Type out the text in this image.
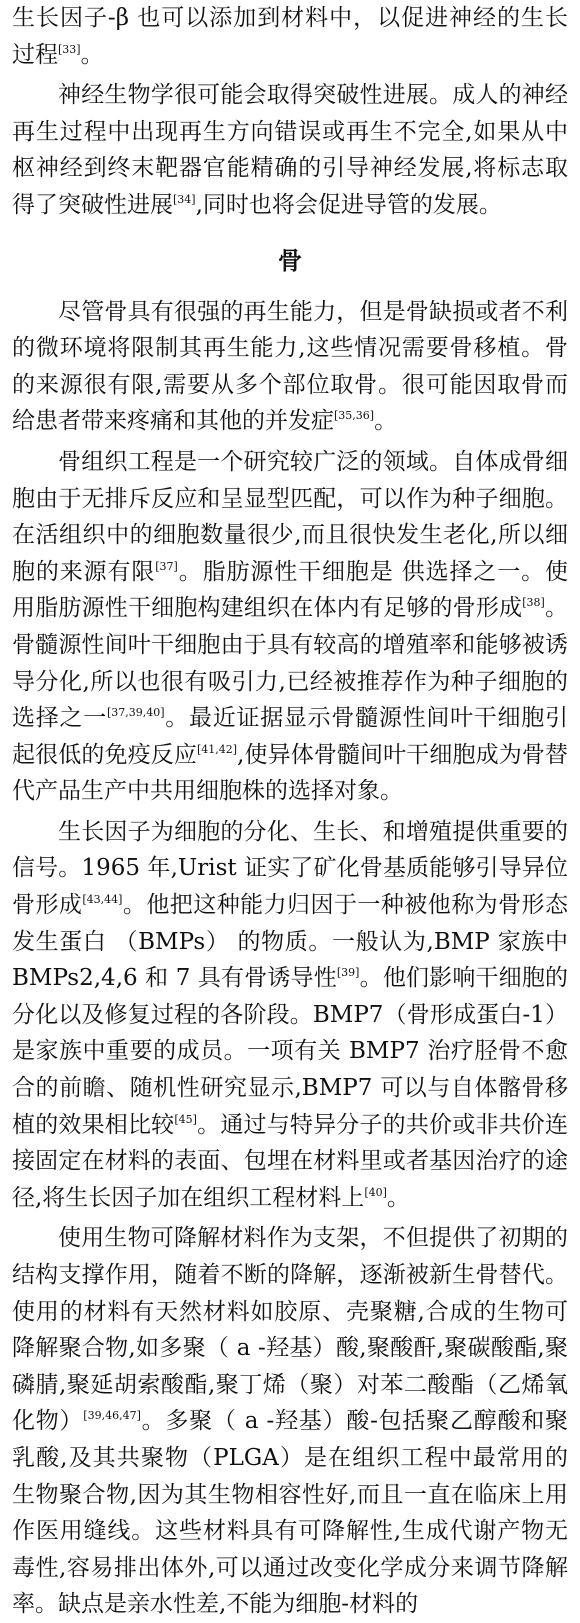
生长因子-β 也可以添加到材料中，以促进神经的生长过程[33]。

神经生物学很可能会取得突破性进展。成人的神经再生过程中出现再生方向错误或再生不完全,如果从中枢神经到终末靶器官能精确的引导神经发展,将标志取得了突破性进展[34],同时也将会促进导管的发展。

骨

尽管骨具有很强的再生能力，但是骨缺损或者不利的微环境将限制其再生能力,这些情况需要骨移植。骨的来源很有限,需要从多个部位取骨。很可能因取骨而给患者带来疼痛和其他的并发症[35,36]。

骨组织工程是一个研究较广泛的领域。自体成骨细胞由于无排斥反应和呈显型匹配，可以作为种子细胞。在活组织中的细胞数量很少,而且很快发生老化,所以细胞的来源有限[37]。脂肪源性干细胞是 供选择之一。使用脂肪源性干细胞构建组织在体内有足够的骨形成[38]。骨髓源性间叶干细胞由于具有较高的增殖率和能够被诱导分化,所以也很有吸引力,已经被推荐作为种子细胞的选择之一[37,39,40]。最近证据显示骨髓源性间叶干细胞引起很低的免疫反应[41,42],使异体骨髓间叶干细胞成为骨替代产品生产中共用细胞株的选择对象。

生长因子为细胞的分化、生长、和增殖提供重要的信号。1965 年,Urist 证实了矿化骨基质能够引导异位骨形成[43,44]。他把这种能力归因于一种被他称为骨形态发生蛋白 （BMPs） 的物质。一般认为,BMP 家族中 BMPs2,4,6 和 7 具有骨诱导性[39]。他们影响干细胞的分化以及修复过程的各阶段。BMP7（骨形成蛋白-1）是家族中重要的成员。一项有关 BMP7 治疗胫骨不愈合的前瞻、随机性研究显示,BMP7 可以与自体髂骨移植的效果相比较[45]。通过与特异分子的共价或非共价连接固定在材料的表面、包埋在材料里或者基因治疗的途径,将生长因子加在组织工程材料上[40]。

使用生物可降解材料作为支架，不但提供了初期的结构支撑作用，随着不断的降解，逐渐被新生骨替代。使用的材料有天然材料如胶原、壳聚糖,合成的生物可降解聚合物,如多聚（ a -羟基）酸,聚酸酐,聚碳酸酯,聚磷腈,聚延胡索酸酯,聚丁烯（聚）对苯二酸酯（乙烯氧化物）[39,46,47]。多聚（ a -羟基）酸-包括聚乙醇酸和聚乳酸,及其共聚物（PLGA）是在组织工程中最常用的生物聚合物,因为其生物相容性好,而且一直在临床上用作医用缝线。这些材料具有可降解性,生成代谢产物无毒性,容易排出体外,可以通过改变化学成分来调节降解率。缺点是亲水性差,不能为细胞-材料的
